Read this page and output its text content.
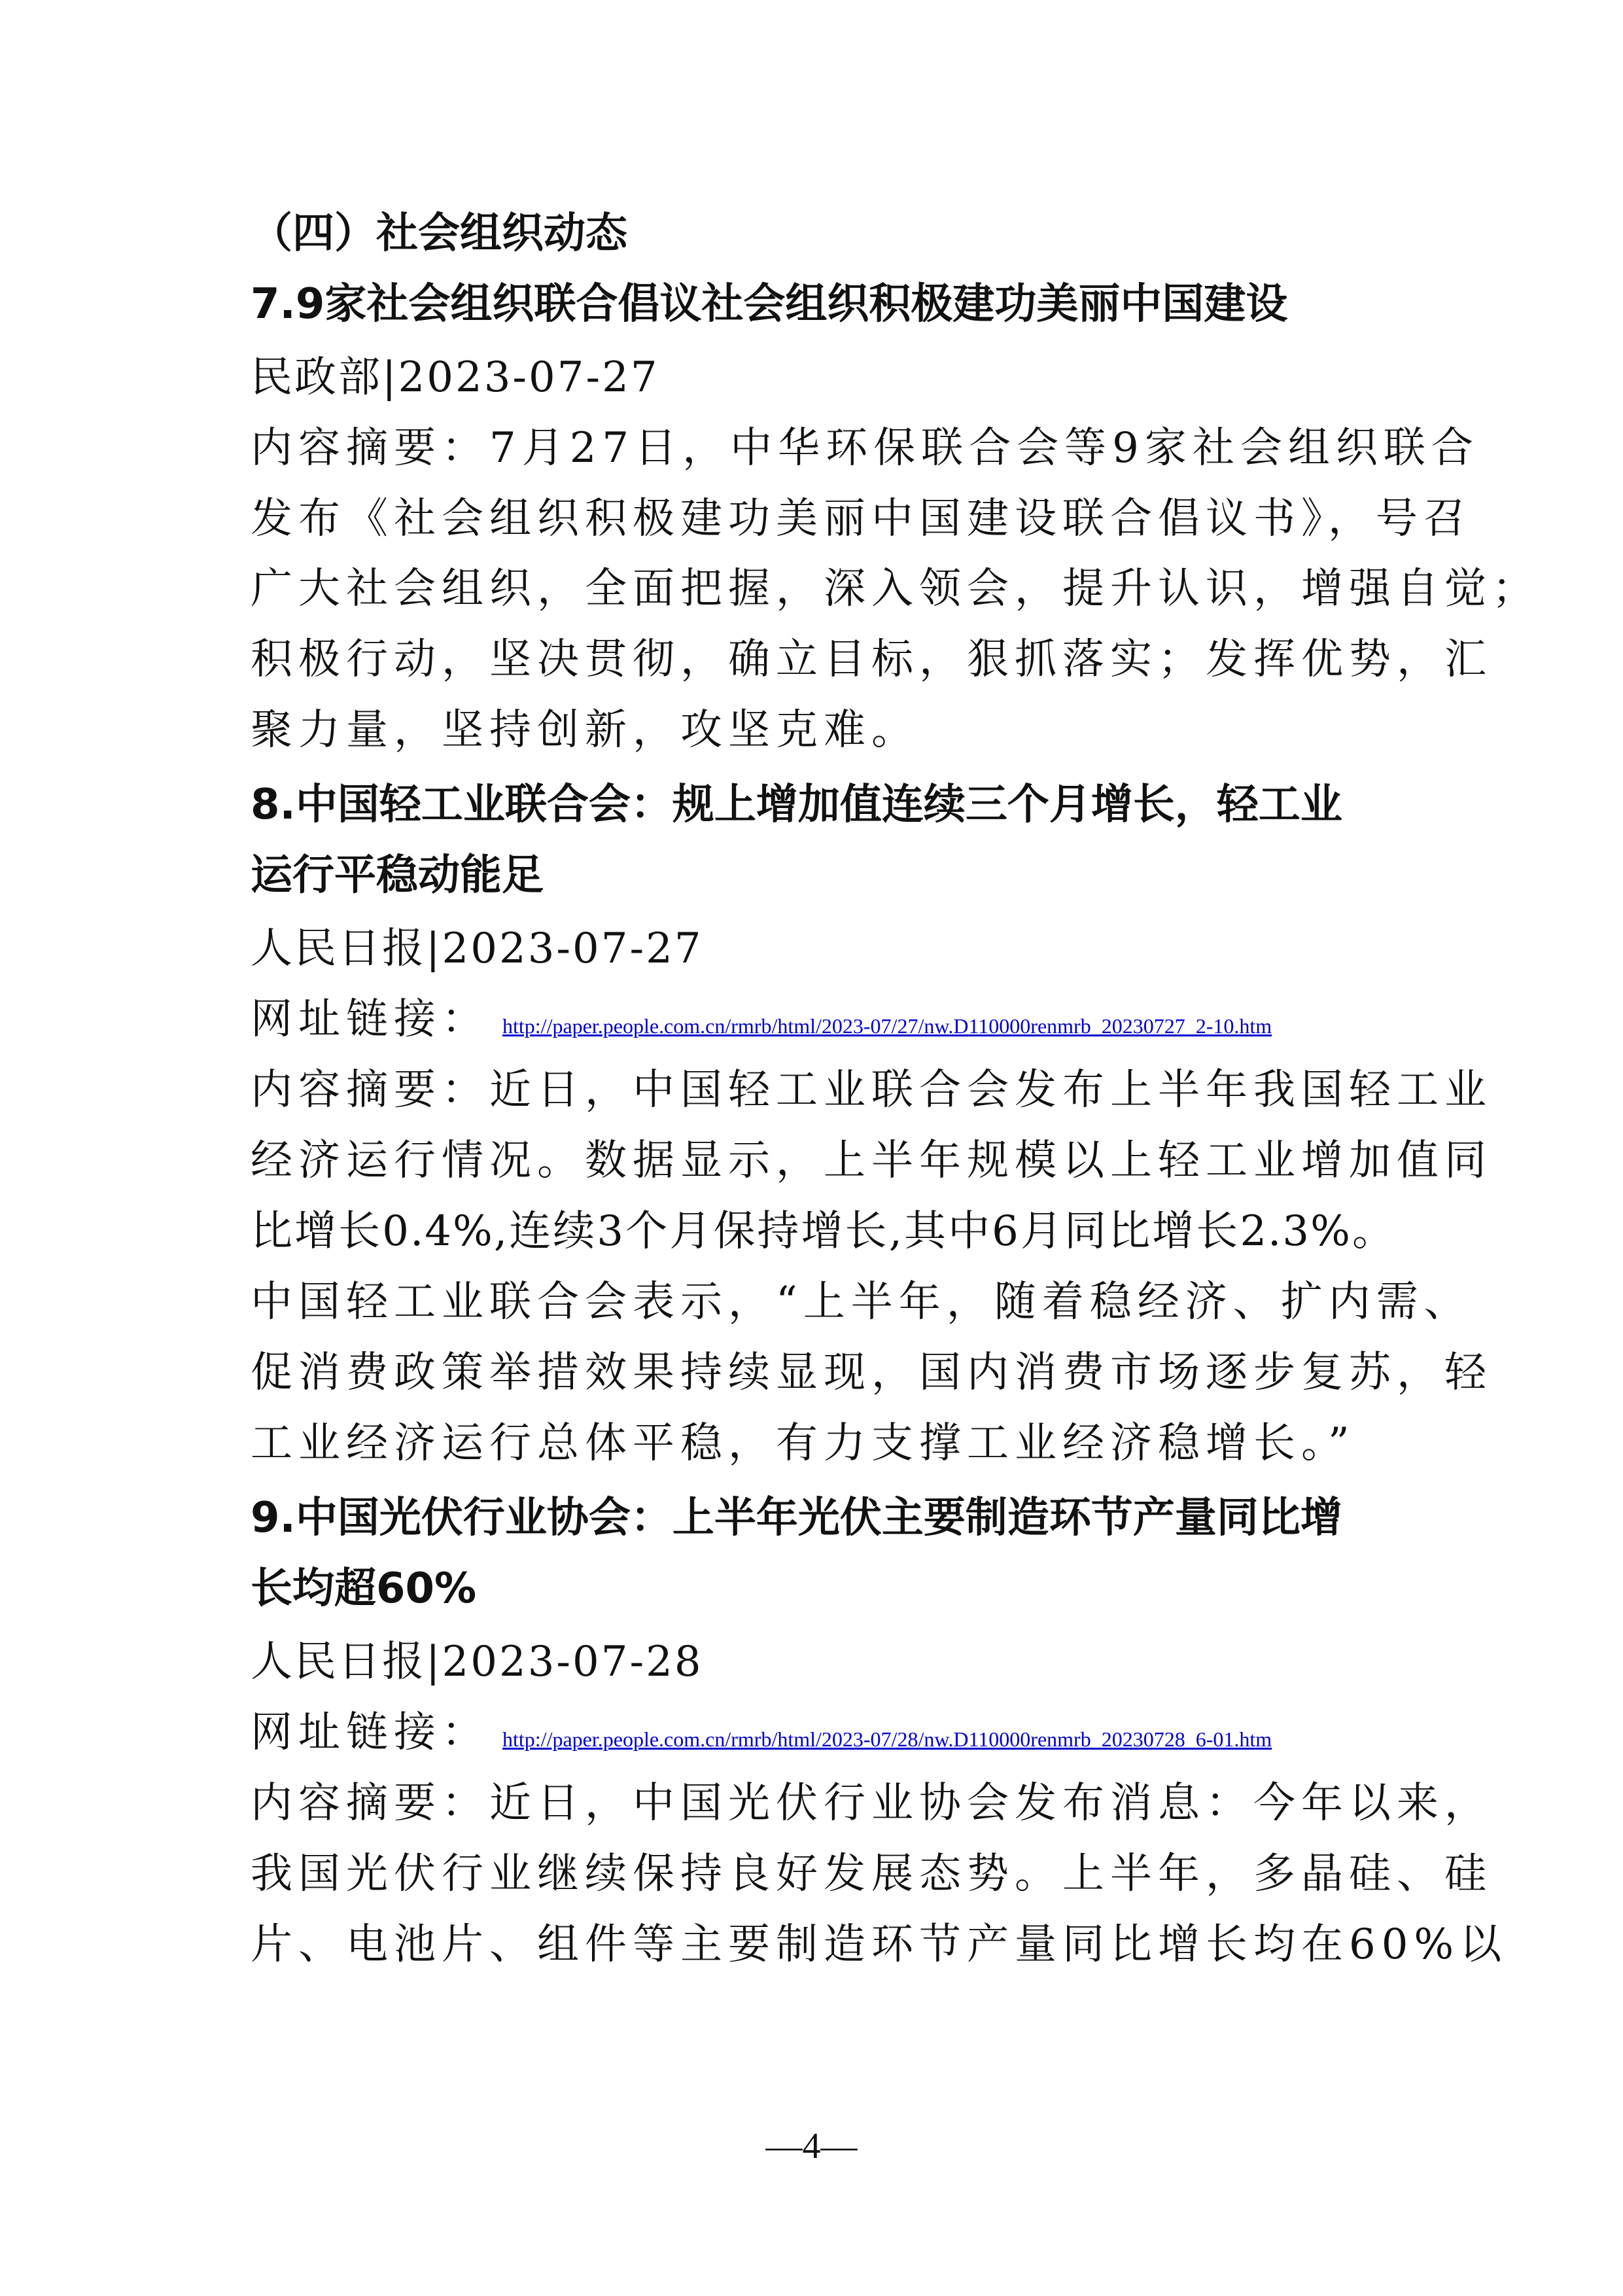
（四）社会组织动态
7.9家社会组织联合倡议社会组织积极建功美丽中国建设
民政部|2023-07-27
内容摘要：7月27日，中华环保联合会等9家社会组织联合
发布《社会组织积极建功美丽中国建设联合倡议书》，号召
广大社会组织，全面把握，深入领会，提升认识，增强自觉；
积极行动，坚决贯彻，确立目标，狠抓落实；发挥优势，汇
聚力量，坚持创新，攻坚克难。
8.中国轻工业联合会：规上增加值连续三个月增长，轻工业
运行平稳动能足
人民日报|2023-07-27
网址链接： http://paper.people.com.cn/rmrb/html/2023-07/27/nw.D110000renmrb_20230727_2-10.htm
内容摘要：近日，中国轻工业联合会发布上半年我国轻工业
经济运行情况。数据显示，上半年规模以上轻工业增加值同
比增长0.4%,连续3个月保持增长,其中6月同比增长2.3%。
中国轻工业联合会表示，“上半年，随着稳经济、扩内需、
促消费政策举措效果持续显现，国内消费市场逐步复苏，轻
工业经济运行总体平稳，有力支撑工业经济稳增长。”
9.中国光伏行业协会：上半年光伏主要制造环节产量同比增
长均超60%
人民日报|2023-07-28
网址链接： http://paper.people.com.cn/rmrb/html/2023-07/28/nw.D110000renmrb_20230728_6-01.htm
内容摘要：近日，中国光伏行业协会发布消息：今年以来，
我国光伏行业继续保持良好发展态势。上半年，多晶硅、硅
片、电池片、组件等主要制造环节产量同比增长均在60%以
—4—
